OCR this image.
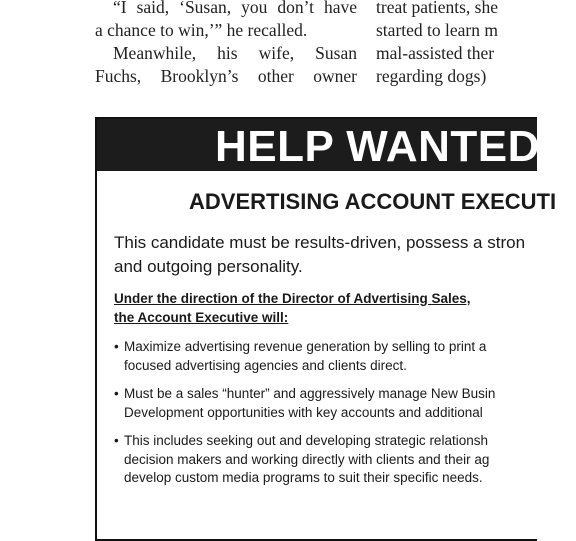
“I said, ‘Susan, you don’t have
a chance to win,’” he recalled.
Meanwhile, his wife, Susan
Fuchs, Brooklyn’s other owner
treat patients, she
started to learn m
mal-assisted ther
regarding dogs)
HELP WANTED
ADVERTISING ACCOUNT EXECUTI
This candidate must be results-driven, possess a stron
and outgoing personality.
Under the direction of the Director of Advertising Sales,
the Account Executive will:
• Maximize advertising revenue generation by selling to print a
focused advertising agencies and clients direct.
• Must be a sales “hunter” and aggressively manage New Busin
Development opportunities with key accounts and additional
• This includes seeking out and developing strategic relationsh
decision makers and working directly with clients and their ag
develop custom media programs to suit their specific needs.
